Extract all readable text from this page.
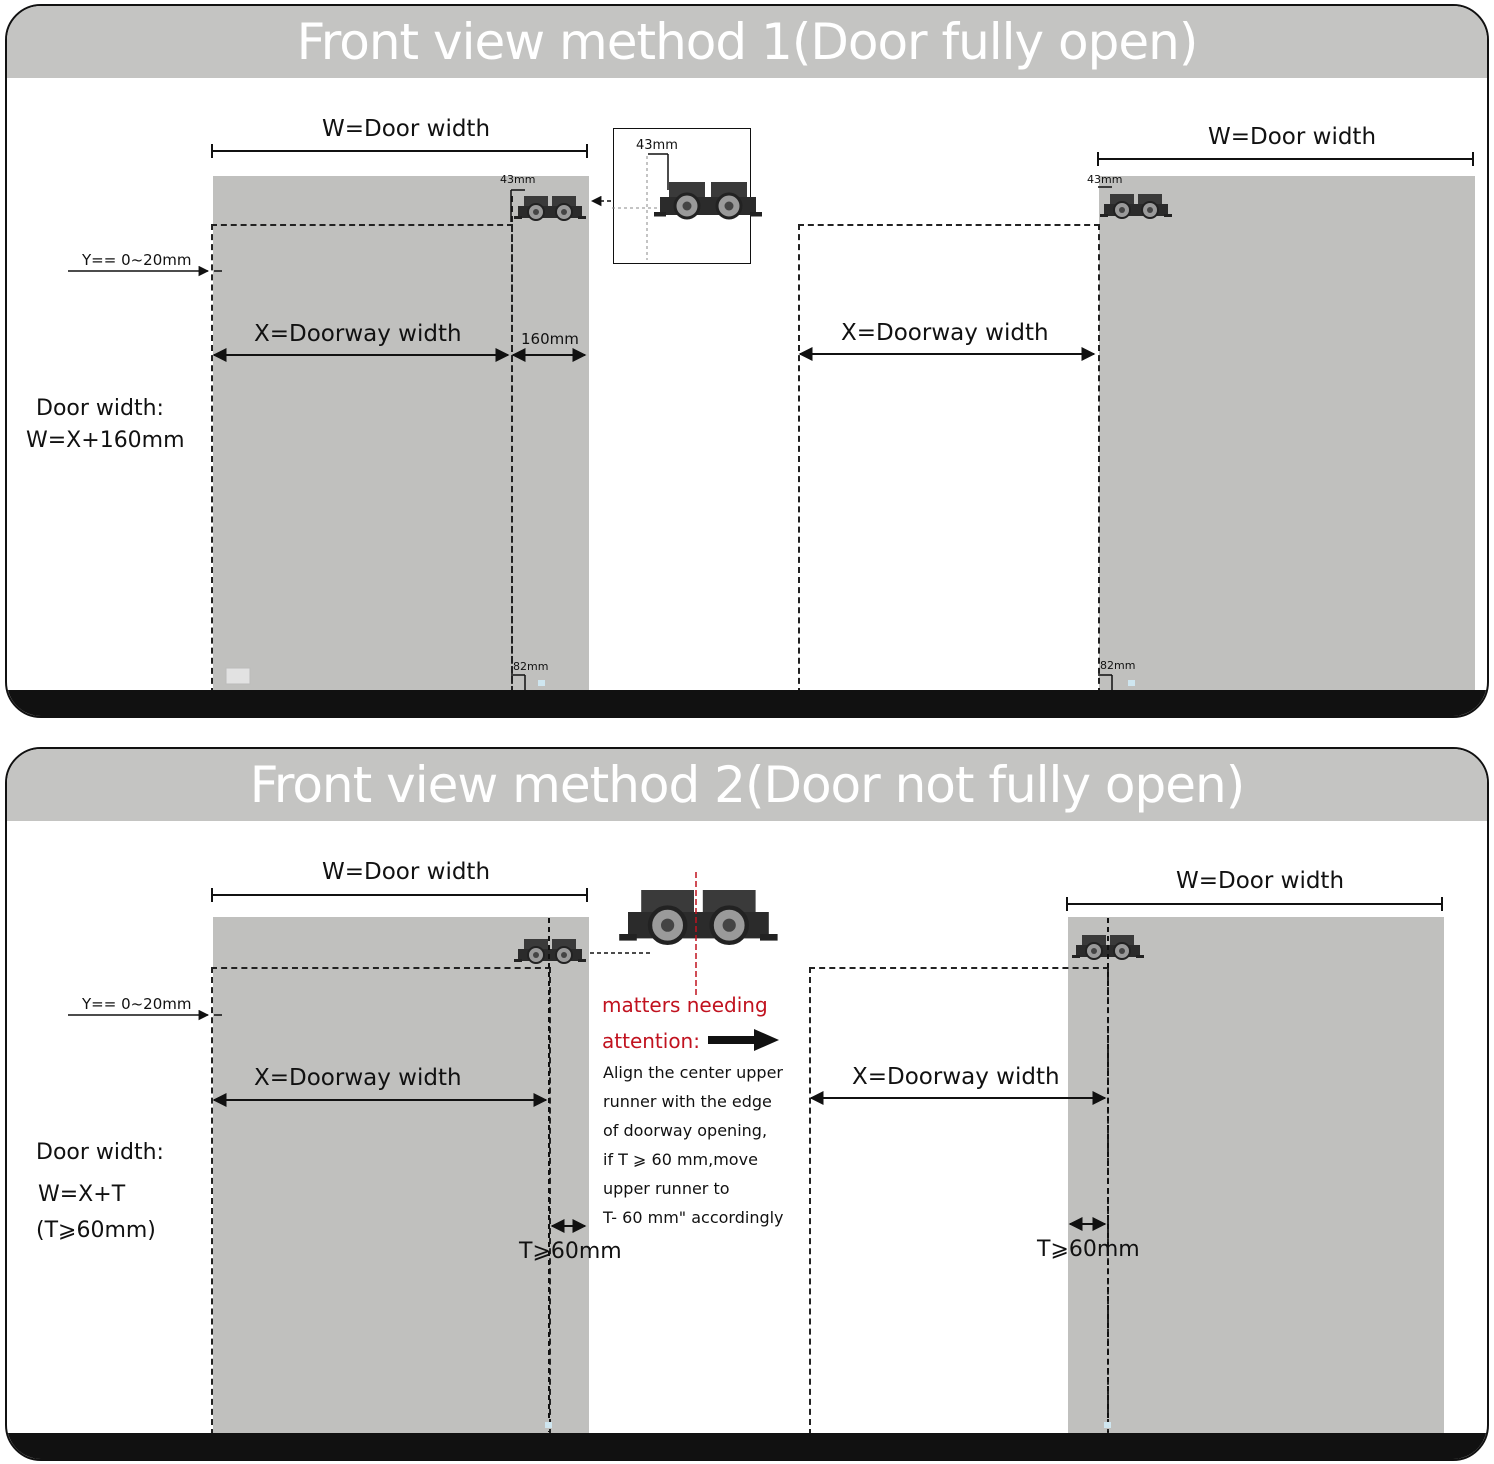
Front view method 1(Door fully open)
Front view method 2(Door not fully open)
W=Door width
43mm
Y== 0~20mm
X=Doorway width	160mm
82mm
Door width:
W=X+160mm
43mm	W=Door width
43mm
X=Doorway width
82mm
W=Door width
Y== 0~20mm
X=Doorway width
Door width:
W=X+T
(T⩾60mm)
T⩾60mm
matters needing
attention:
Align the center upper
runner with the edge
of doorway opening,
if T ⩾ 60 mm,move
upper runner to
T- 60 mm" accordingly
W=Door width
X=Doorway width
T⩾60mm
